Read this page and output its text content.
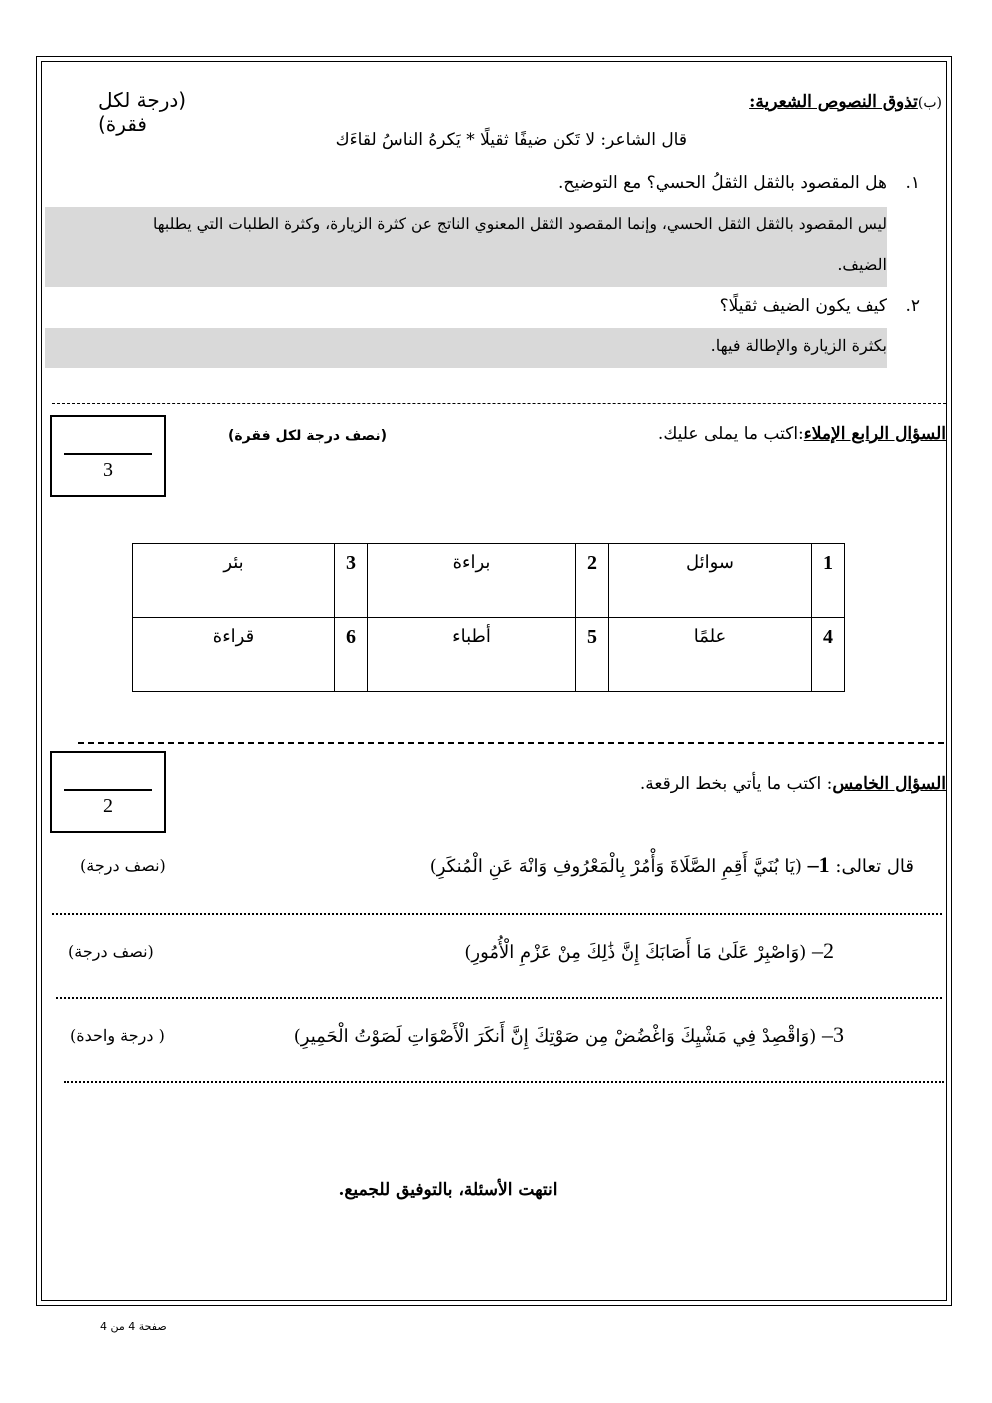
(ب)تذوق النصوص الشعرية:
(درجة لكل فقرة)
قال الشاعر: لا تَكن ضيفًا ثقيلًا * يَكرهُ الناسُ لقاءَك
١.
هل المقصود بالثقل الثقلُ الحسي؟ مع التوضيح.
ليس المقصود بالثقل الثقل الحسي، وإنما المقصود الثقل المعنوي الناتج عن كثرة الزيارة، وكثرة الطلبات التي يطلبها
الضيف.
٢.
كيف يكون الضيف ثقيلًا؟
بكثرة الزيارة والإطالة فيها.
السؤال الرابع الإملاء:اكتب ما يملى عليك.
(نصف درجة لكل فقرة)
3
1	سوائل	2	براءة	3	بئر
4	علمًا	5	أطباء	6	قراءة
السؤال الخامس: اكتب ما يأتي بخط الرقعة.
2
قال تعالى: 1– (يَا بُنَيَّ أَقِمِ الصَّلَاةَ وَأْمُرْ بِالْمَعْرُوفِ وَانْهَ عَنِ الْمُنكَرِ)
(نصف درجة)
2– (وَاصْبِرْ عَلَىٰ مَا أَصَابَكَ إِنَّ ذَٰلِكَ مِنْ عَزْمِ الْأُمُورِ)
(نصف درجة)
3– (وَاقْصِدْ فِي مَشْيِكَ وَاغْضُضْ مِن صَوْتِكَ إِنَّ أَنكَرَ الْأَصْوَاتِ لَصَوْتُ الْحَمِيرِ)
( درجة واحدة)
انتهت الأسئلة، بالتوفيق للجميع.
صفحة 4 من 4
